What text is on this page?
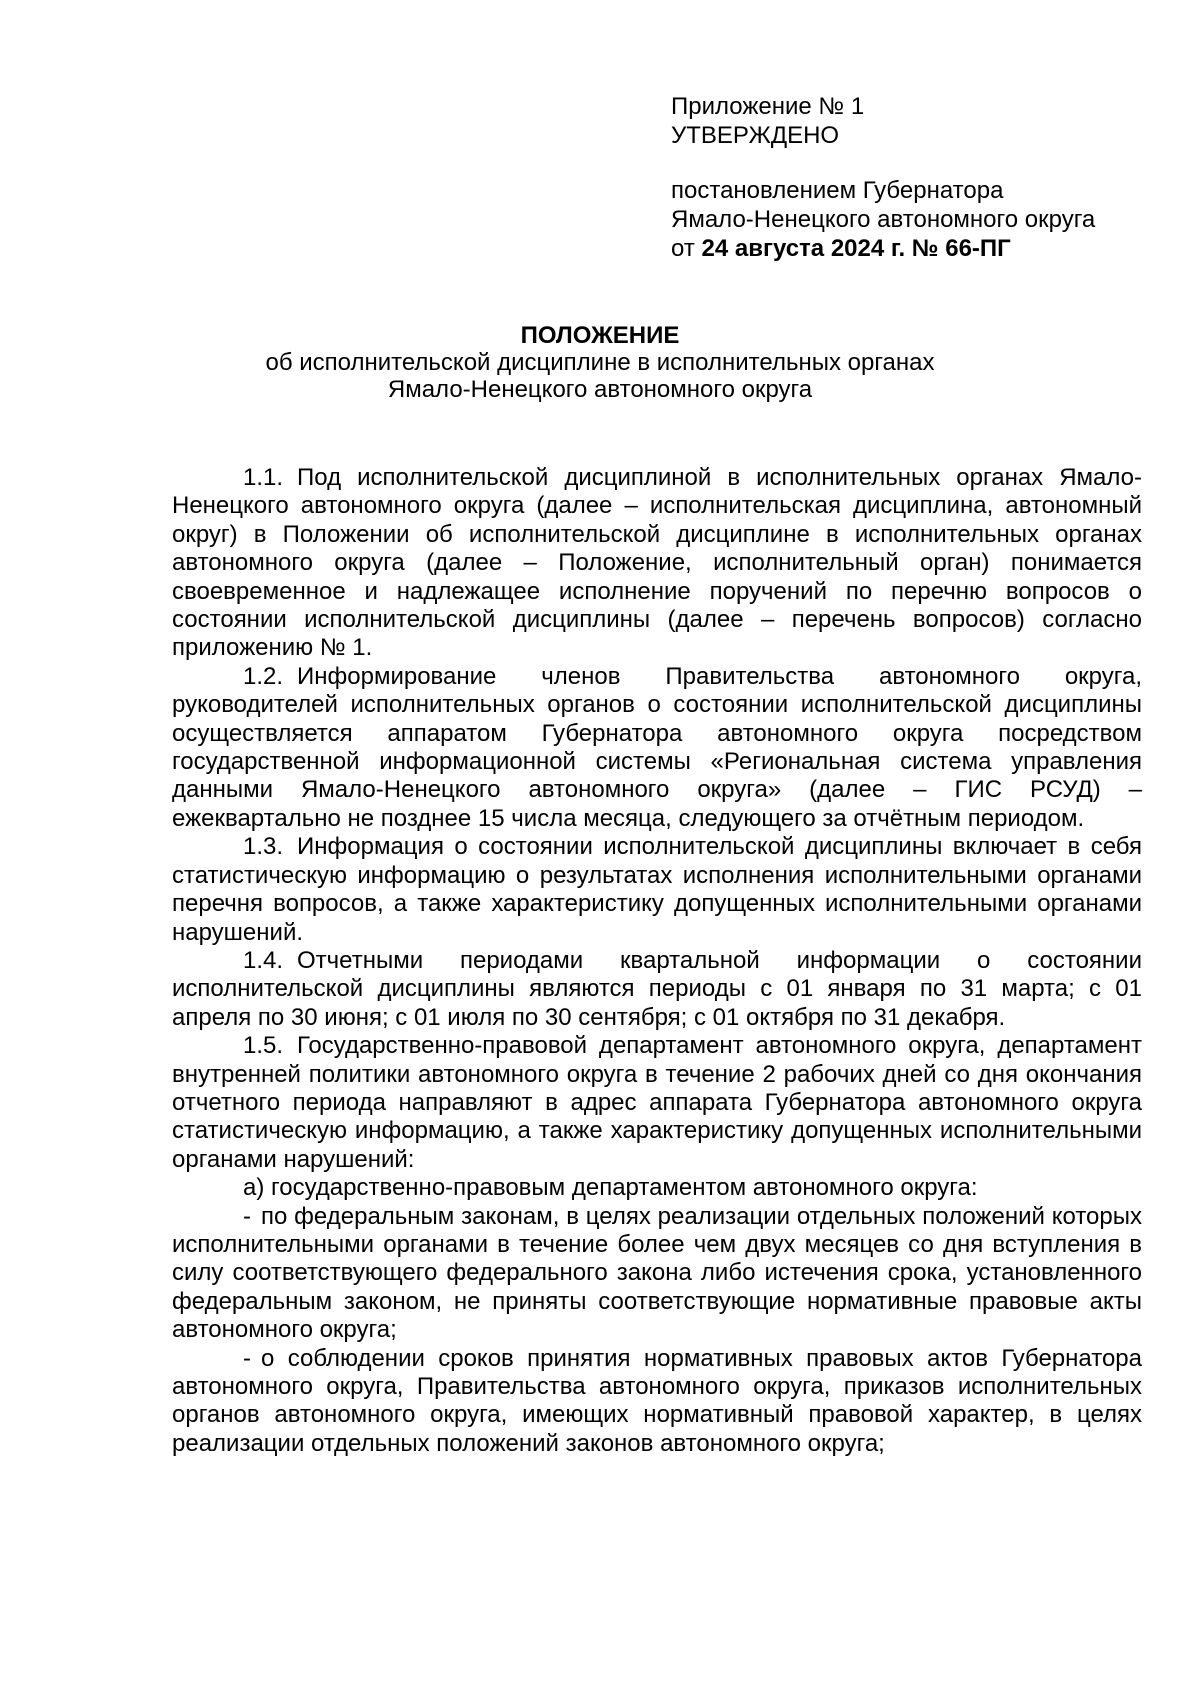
Приложение № 1
УТВЕРЖДЕНО
постановлением Губернатора
Ямало-Ненецкого автономного округа
от 24 августа 2024 г. № 66-ПГ
ПОЛОЖЕНИЕ
об исполнительской дисциплине в исполнительных органах
Ямало-Ненецкого автономного округа

1.1. Под исполнительской дисциплиной в исполнительных органах Ямало-Ненецкого автономного округа (далее – исполнительская дисциплина, автономный округ) в Положении об исполнительской дисциплине в исполнительных органах автономного округа (далее – Положение, исполнительный орган) понимается своевременное и надлежащее исполнение поручений по перечню вопросов о состоянии исполнительской дисциплины (далее – перечень вопросов) согласно приложению № 1.

1.2. Информирование членов Правительства автономного округа, руководителей исполнительных органов о состоянии исполнительской дисциплины осуществляется аппаратом Губернатора автономного округа посредством государственной информационной системы «Региональная система управления данными Ямало-Ненецкого автономного округа» (далее – ГИС РСУД) – ежеквартально не позднее 15 числа месяца, следующего за отчётным периодом.

1.3. Информация о состоянии исполнительской дисциплины включает в себя статистическую информацию о результатах исполнения исполнительными органами перечня вопросов, а также характеристику допущенных исполнительными органами нарушений.

1.4. Отчетными периодами квартальной информации о состоянии исполнительской дисциплины являются периоды с 01 января по 31 марта; с 01 апреля по 30 июня; с 01 июля по 30 сентября; с 01 октября по 31 декабря.

1.5. Государственно-правовой департамент автономного округа, департамент внутренней политики автономного округа в течение 2 рабочих дней со дня окончания отчетного периода направляют в адрес аппарата Губернатора автономного округа статистическую информацию, а также характеристику допущенных исполнительными органами нарушений:

а) государственно-правовым департаментом автономного округа:

- по федеральным законам, в целях реализации отдельных положений которых исполнительными органами в течение более чем двух месяцев со дня вступления в силу соответствующего федерального закона либо истечения срока, установленного федеральным законом, не приняты соответствующие нормативные правовые акты автономного округа;

- о соблюдении сроков принятия нормативных правовых актов Губернатора автономного округа, Правительства автономного округа, приказов исполнительных органов автономного округа, имеющих нормативный правовой характер, в целях реализации отдельных положений законов автономного округа;
